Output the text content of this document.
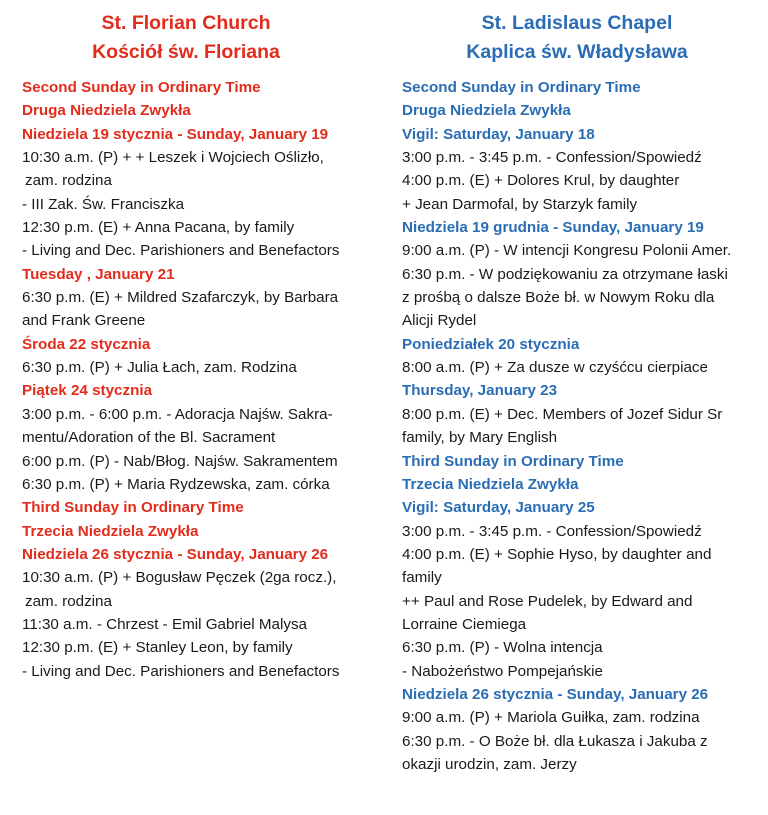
St. Florian Church
Kościół św. Floriana
Second Sunday in Ordinary Time
Druga Niedziela Zwykła
Niedziela 19 stycznia - Sunday, January 19
10:30 a.m. (P) + + Leszek i Wojciech Oślizło,
zam. rodzina
- III Zak. Św. Franciszka
12:30 p.m. (E) + Anna Pacana, by family
- Living and Dec. Parishioners and Benefactors
Tuesday , January 21
6:30 p.m. (E) + Mildred Szafarczyk, by Barbara
and Frank Greene
Środa 22 stycznia
6:30 p.m. (P) + Julia Łach, zam. Rodzina
Piątek 24 stycznia
3:00 p.m. - 6:00 p.m. - Adoracja Najśw. Sakra-
mentu/Adoration of the Bl. Sacrament
6:00 p.m. (P) - Nab/Błog. Najśw. Sakramentem
6:30 p.m. (P) + Maria Rydzewska, zam. córka
Third Sunday in Ordinary Time
Trzecia Niedziela Zwykła
Niedziela 26 stycznia - Sunday, January 26
10:30 a.m. (P) + Bogusław Pęczek (2ga rocz.),
zam. rodzina
11:30 a.m. - Chrzest - Emil Gabriel Malysa
12:30 p.m. (E) + Stanley Leon, by family
- Living and Dec. Parishioners and Benefactors
St. Ladislaus Chapel
Kaplica św. Władysława
Second Sunday in Ordinary Time
Druga Niedziela Zwykła
Vigil: Saturday, January 18
3:00 p.m. - 3:45 p.m. - Confession/Spowiedź
4:00 p.m. (E) + Dolores Krul, by daughter
+ Jean Darmofal, by Starzyk family
Niedziela 19 grudnia - Sunday, January 19
9:00 a.m. (P) - W intencji Kongresu Polonii Amer.
6:30 p.m. - W podziękowaniu za otrzymane łaski
z prośbą o dalsze Boże bł. w Nowym Roku dla
Alicji Rydel
Poniedziałek 20 stycznia
8:00 a.m. (P) + Za dusze w czyśćcu cierpiace
Thursday, January 23
8:00 p.m. (E) + Dec. Members of Jozef Sidur Sr
family, by Mary English
Third Sunday in Ordinary Time
Trzecia Niedziela Zwykła
Vigil: Saturday, January 25
3:00 p.m. - 3:45 p.m. - Confession/Spowiedź
4:00 p.m. (E) + Sophie Hyso, by daughter and
family
++ Paul and Rose Pudelek, by Edward and
Lorraine Ciemiega
6:30 p.m. (P) - Wolna intencja
- Nabożeństwo Pompejańskie
Niedziela 26 stycznia - Sunday, January 26
9:00 a.m. (P) + Mariola Guiłka, zam. rodzina
6:30 p.m. - O Boże bł. dla Łukasza i Jakuba z
okazji urodzin, zam. Jerzy
